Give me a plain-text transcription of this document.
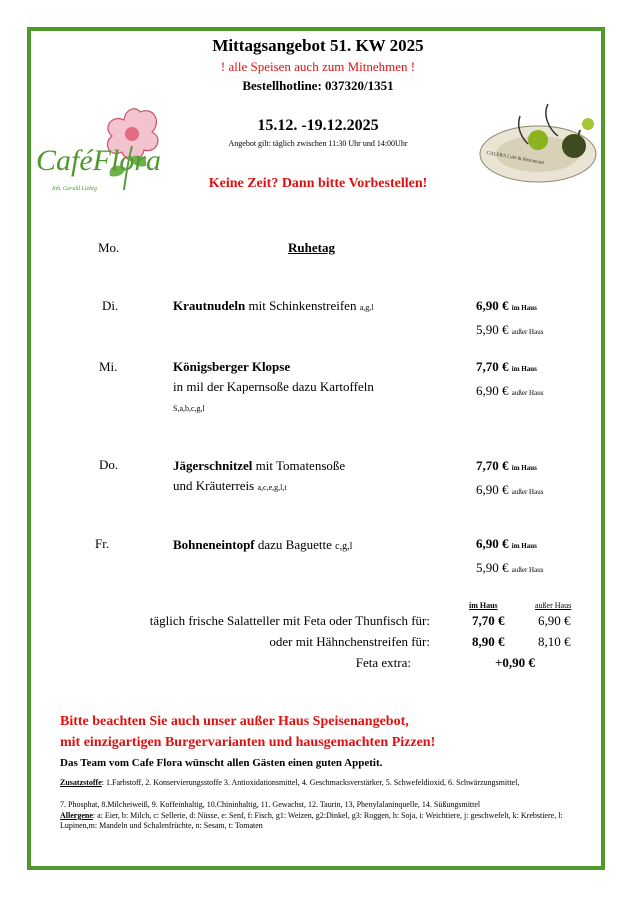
Mittagsangebot 51. KW 2025
! alle Speisen auch zum Mitnehmen !
Bestellhotline: 037320/1351
15.12. -19.12.2025
Angebot gilt: täglich zwischen 11:30 Uhr und 14:00Uhr
Keine Zeit? Dann bitte Vorbestellen!
CaféFlora
Inh. Gerald Liebig
CALERA Café & Restaurant
Mo.	Ruhetag
Di.	Krautnudeln mit Schinkenstreifen a,g,l	6,90 € im Haus
5,90 € außer Haus
Mi.	Königsberger Klopse
in mil der Kapernsoße dazu Kartoffeln
S,a,b,c,g,l
7,70 € im Haus
6,90 € außer Haus
Do.	Jägerschnitzel mit Tomatensoße
und Kräuterreis a,c,e,g,l,t
7,70 € im Haus
6,90 € außer Haus
Fr.	Bohneneintopf dazu Baguette c,g,l	6,90 € im Haus
5,90 € außer Haus
im Haus	außer Haus
täglich frische Salatteller mit Feta oder Thunfisch für:	7,70 €	6,90 €
oder mit Hähnchenstreifen für:	8,90 €	8,10 €
Feta extra:	+0,90 €
Bitte beachten Sie auch unser außer Haus Speisenangebot,
mit einzigartigen Burgervarianten und hausgemachten Pizzen!
Das Team vom Cafe Flora wünscht allen Gästen einen guten Appetit.
Zusatzstoffe: 1.Farbstoff, 2. Konservierungsstoffe 3. Antioxidationsmittel, 4. Geschmacksverstärker, 5. Schwefeldioxid, 6. Schwärzungsmittel,
7. Phosphat, 8.Milcheiweiß, 9. Koffeinhaltig, 10.Chininhaltig, 11. Gewachst, 12. Taurin, 13, Phenylalaninquelle, 14. Süßungsmittel
Allergene: a: Eier, b: Milch, c: Sellerie, d: Nüsse, e: Senf, f: Fisch, g1: Weizen, g2:Dinkel, g3: Roggen, h: Soja, i: Weichtiere, j: geschwefelt, k: Krebstiere, l: Lupinen,m: Mandeln und Schalenfrüchte, n: Sesam, t: Tomaten
